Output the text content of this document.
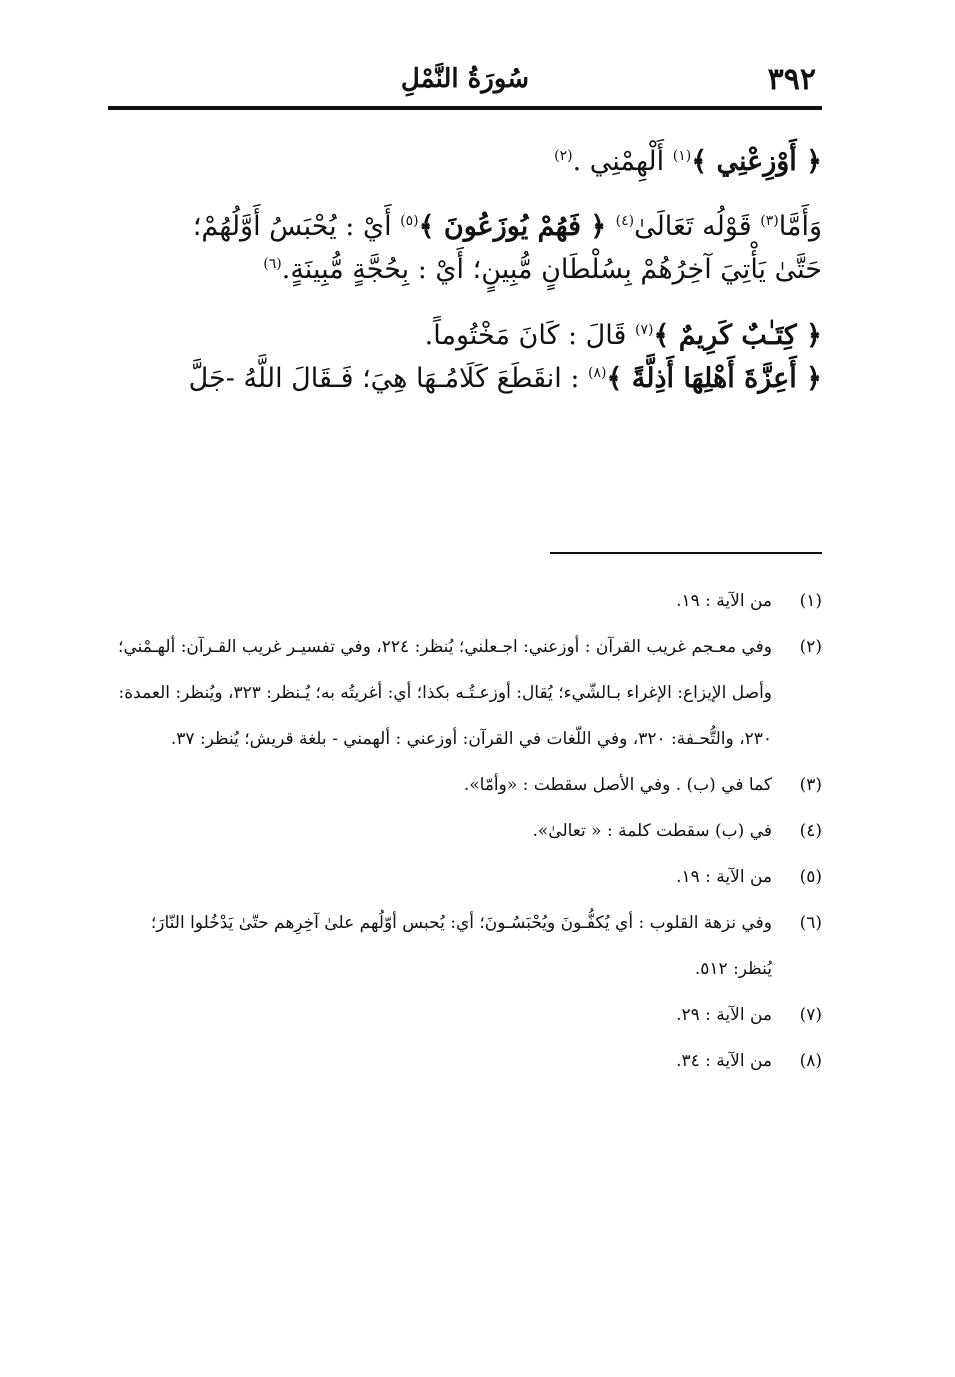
٣٩٢
سُورَةُ النَّمْلِ
﴿ أَوْزِعْنِي ﴾$^{(١)}$ أَلْهِمْنِي .$^{(٢)}$
وَأَمَّا$^{(٣)}$ قَوْلُه تَعَالَىٰ$^{(٤)}$ ﴿ فَهُمْ يُوزَعُونَ ﴾$^{(٥)}$ أَيْ : يُحْبَسُ أَوَّلُهُمْ؛
حَتَّىٰ يَأْتِيَ آخِرُهُمْ بِسُلْطَانٍ مُّبِينٍ؛ أَيْ : بِحُجَّةٍ مُّبِينَةٍ.$^{(٦)}$
﴿ كِتَـٰبٌ كَرِيمٌ ﴾$^{(٧)}$ قَالَ : كَانَ مَخْتُوماً.
﴿ أَعِزَّةَ أَهْلِهَا أَذِلَّةً ﴾$^{(٨)}$ : انقَطَعَ كَلَامُـهَا هِيَ؛ فَـقَالَ اللَّهُ -جَلَّ
(١)
من الآية : ١٩.
(٢)
وفي معـجم غريب القرآن : أوزعني: اجـعلني؛ يُنظر: ٢٢٤، وفي تفسيـر غريب القـرآن: ألهـمْني؛ وأصل الإيزاع: الإغراء بـالشّيء؛ يُقال: أوزعـتُـه بكذا؛ أي: أغريتُه به؛ يُـنظر: ٣٢٣، ويُنظر: العمدة: ٢٣٠، والتُّحـفة: ٣٢٠، وفي اللّغات في القرآن: أوزعني : ألهمني - بلغة قريش؛ يُنظر: ٣٧.
(٣)
كما في (ب) . وفي الأصل سقطت : «وأمّا».
(٤)
في (ب) سقطت كلمة : « تعالىٰ».
(٥)
من الآية : ١٩.
(٦)
وفي نزهة القلوب : أي يُكفُّـونَ ويُحْبَسُـونَ؛ أي: يُحبس أوّلُهم علىٰ آخِرِهم حتّىٰ يَدْخُلوا النّارَ؛ يُنظر: ٥١٢.
(٧)
من الآية : ٢٩.
(٨)
من الآية : ٣٤.
